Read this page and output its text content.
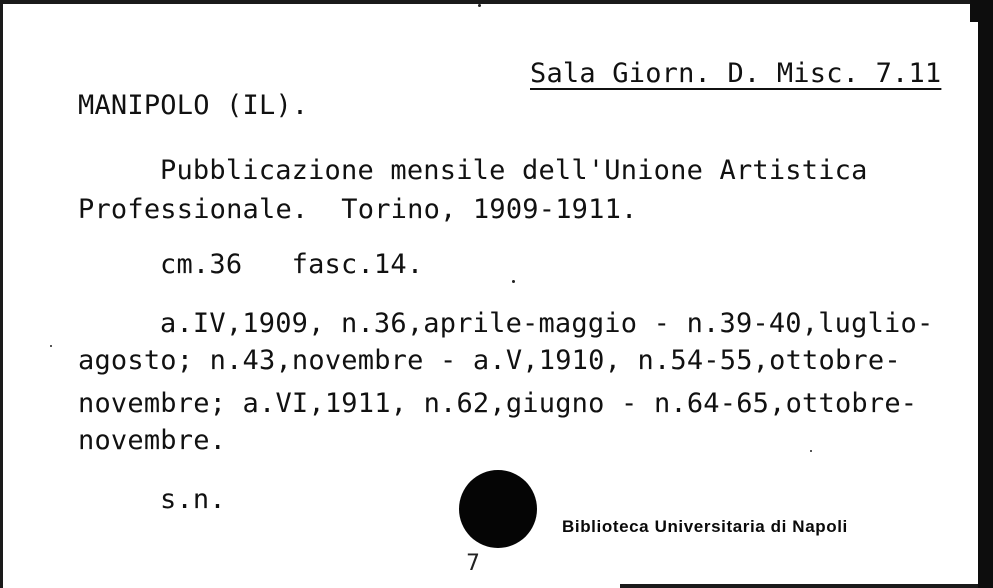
Sala Giorn. D. Misc. 7.11
MANIPOLO (IL).
Pubblicazione mensile dell'Unione Artistica
Professionale.  Torino, 1909-1911.
cm.36   fasc.14.
a.IV,1909, n.36,aprile-maggio - n.39-40,luglio-
agosto; n.43,novembre - a.V,1910, n.54-55,ottobre-
novembre; a.VI,1911, n.62,giugno - n.64-65,ottobre-
novembre.
s.n.
Biblioteca Universitaria di Napoli
7
